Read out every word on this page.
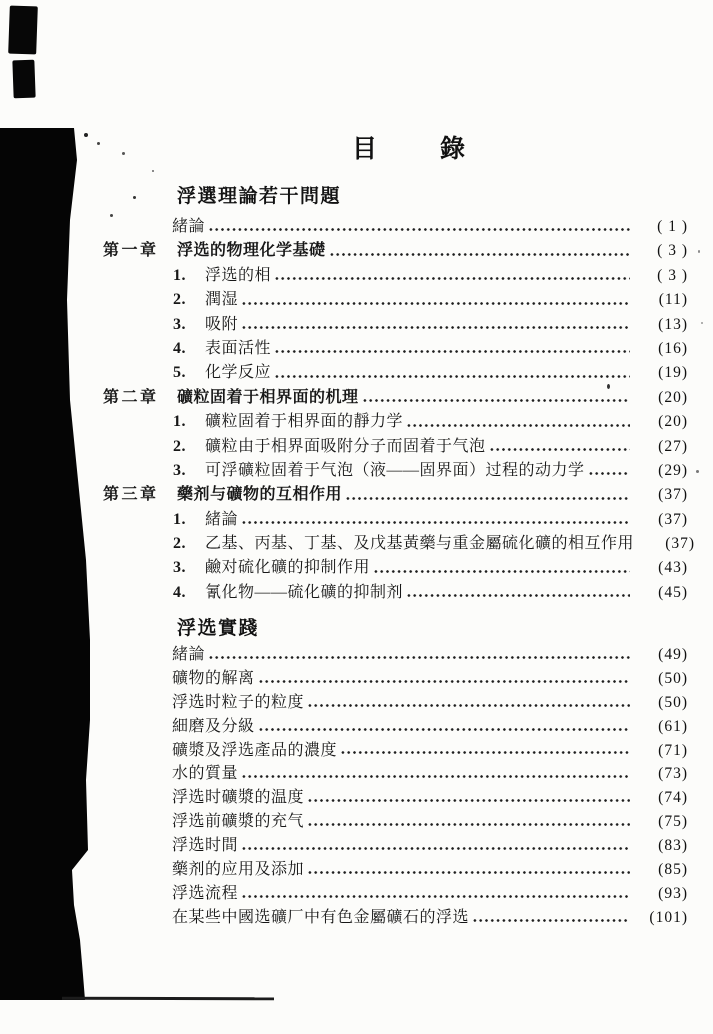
目 錄
浮選理論若干問題
緒論	( 1 )
第一章	浮选的物理化学基礎	( 3 )
1.	浮选的相	( 3 )
2.	潤湿	(11)
3.	吸附	(13)
4.	表面活性	(16)
5.	化学反应	(19)
第二章	礦粒固着于相界面的机理	(20)
1.	礦粒固着于相界面的靜力学	(20)
2.	礦粒由于相界面吸附分子而固着于气泡	(27)
3.	可浮礦粒固着于气泡（液——固界面）过程的动力学	(29)
第三章	藥剂与礦物的互相作用	(37)
1.	緒論	(37)
2.	乙基、丙基、丁基、及戊基黃藥与重金屬硫化礦的相互作用	(37)
3.	鹼对硫化礦的抑制作用	(43)
4.	氰化物——硫化礦的抑制剂	(45)
浮选實踐
緒論	(49)
礦物的解离	(50)
浮选时粒子的粒度	(50)
細磨及分級	(61)
礦漿及浮选產品的濃度	(71)
水的質量	(73)
浮选时礦漿的温度	(74)
浮选前礦漿的充气	(75)
浮选时間	(83)
藥剂的应用及添加	(85)
浮选流程	(93)
在某些中國选礦厂中有色金屬礦石的浮选	(101)
